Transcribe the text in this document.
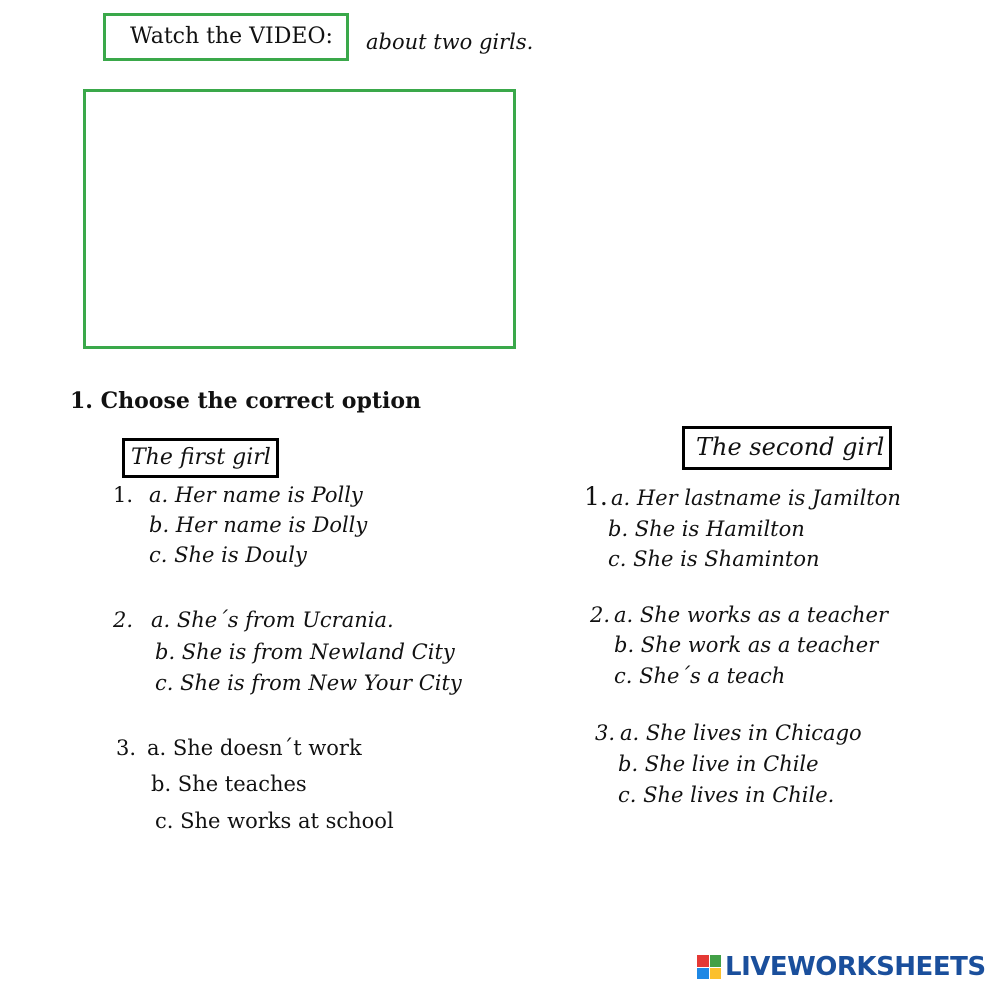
Watch the VIDEO: about two girls.
1. Choose the correct option
The first girl
1. a. Her name is Polly
b. Her name is Dolly
c. She is Douly
2. a. She´s from Ucrania.
b. She is from Newland City
c. She is from New Your City
3. a. She doesn´t work
b. She teaches
c. She works at school
The second girl
1. a. Her lastname is Jamilton
b. She is Hamilton
c. She is Shaminton
2. a. She works as a teacher
b. She work as a teacher
c. She´s a teach
3. a. She lives in Chicago
b. She live in Chile
c. She lives in Chile.
LIVEWORKSHEETS
